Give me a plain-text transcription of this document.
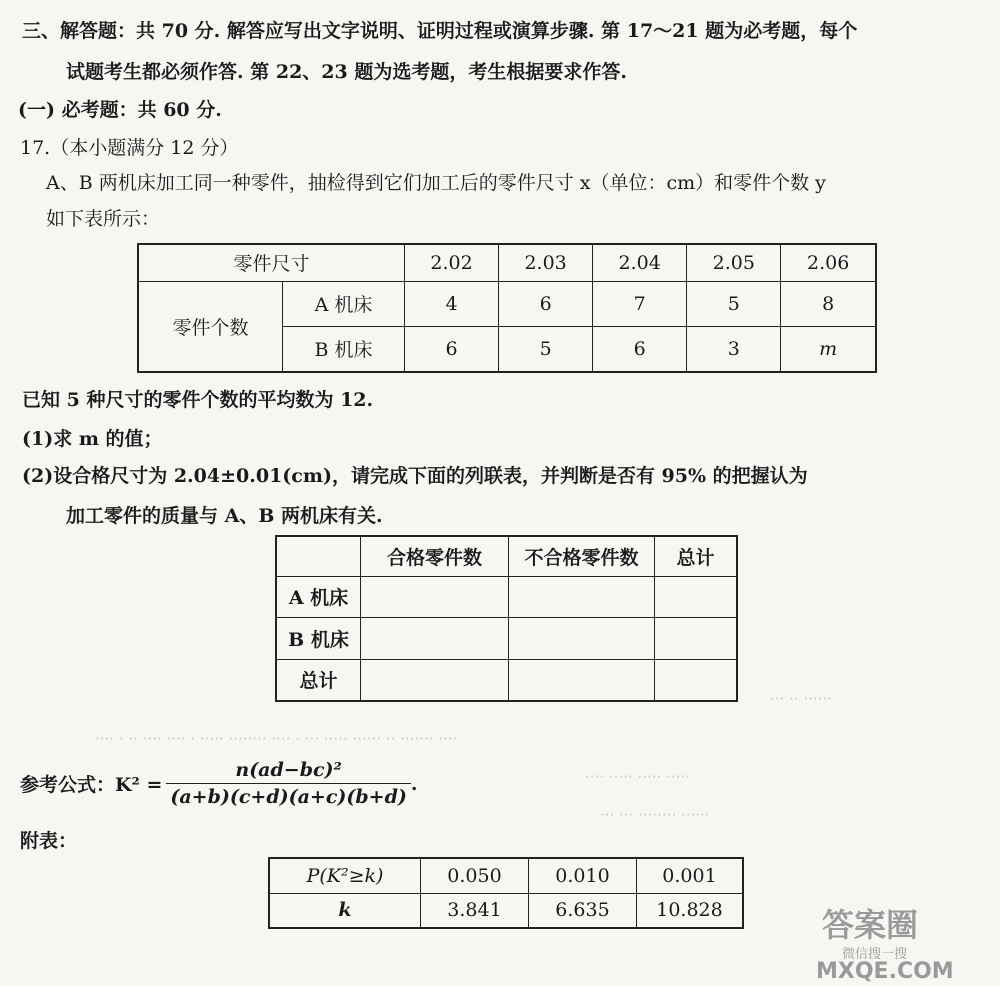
三、解答题：共 70 分. 解答应写出文字说明、证明过程或演算步骤. 第 17～21 题为必考题，每个
试题考生都必须作答. 第 22、23 题为选考题，考生根据要求作答.
(一) 必考题：共 60 分.
17.（本小题满分 12 分）
A、B 两机床加工同一种零件，抽检得到它们加工后的零件尺寸 x（单位：cm）和零件个数 y
如下表所示：
零件尺寸		2.02	2.03	2.04	2.05	2.06
零件个数	A 机床	4	6	7	5	8
	B 机床	6	5	6	3	m
已知 5 种尺寸的零件个数的平均数为 12.
(1)求 m 的值；
(2)设合格尺寸为 2.04±0.01(cm)，请完成下面的列联表，并判断是否有 95% 的把握认为
加工零件的质量与 A、B 两机床有关.
	合格零件数	不合格零件数	总计
A 机床			
B 机床			
总计			
··· ·· ······
···· · ·· ···· ···· · ····· ········ ···· · ··· ····· ······ ·· ······· ····
···· ····· ····· ·····
··· ··· ········ ······
参考公式：$K^2 = \frac{\text{n(ad−bc)²}}{(a+b)(c+d)(a+c)(b+d)}$ .
附表：
P(K²≥k)	0.050	0.010	0.001
k	3.841	6.635	10.828	答案圈
微信搜一搜
MXQE.COM
